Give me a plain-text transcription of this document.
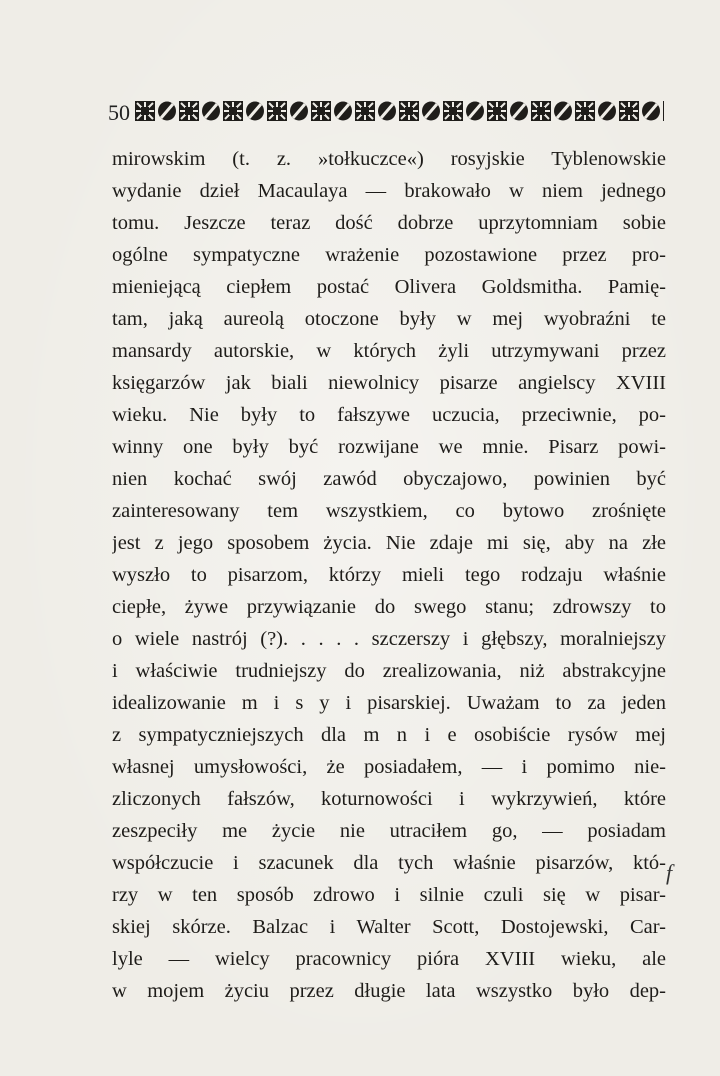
50
mirowskim (t. z. »tołkuczce«) rosyjskie Tyblenowskie
wydanie dzieł Macaulaya — brakowało w niem jednego
tomu. Jeszcze teraz dość dobrze uprzytomniam sobie
ogólne sympatyczne wrażenie pozostawione przez pro-
mieniejącą ciepłem postać Olivera Goldsmitha. Pamię-
tam, jaką aureolą otoczone były w mej wyobraźni te
mansardy autorskie, w których żyli utrzymywani przez
księgarzów jak biali niewolnicy pisarze angielscy XVIII
wieku. Nie były to fałszywe uczucia, przeciwnie, po-
winny one były być rozwijane we mnie. Pisarz powi-
nien kochać swój zawód obyczajowo, powinien być
zainteresowany tem wszystkiem, co bytowo zrośnięte
jest z jego sposobem życia. Nie zdaje mi się, aby na złe
wyszło to pisarzom, którzy mieli tego rodzaju właśnie
ciepłe, żywe przywiązanie do swego stanu; zdrowszy to
o wiele nastrój (?). . . . . szczerszy i głębszy, moralniejszy
i właściwie trudniejszy do zrealizowania, niż abstrakcyjne
idealizowanie m i s y i pisarskiej. Uważam to za jeden
z sympatyczniejszych dla m n i e osobiście rysów mej
własnej umysłowości, że posiadałem, — i pomimo nie-
zliczonych fałszów, koturnowości i wykrzywień, które
zeszpeciły me życie nie utraciłem go, — posiadam
współczucie i szacunek dla tych właśnie pisarzów, któ-
rzy w ten sposób zdrowo i silnie czuli się w pisar-
skiej skórze. Balzac i Walter Scott, Dostojewski, Car-
lyle — wielcy pracownicy pióra XVIII wieku, ale
w mojem życiu przez długie lata wszystko było dep-
f
